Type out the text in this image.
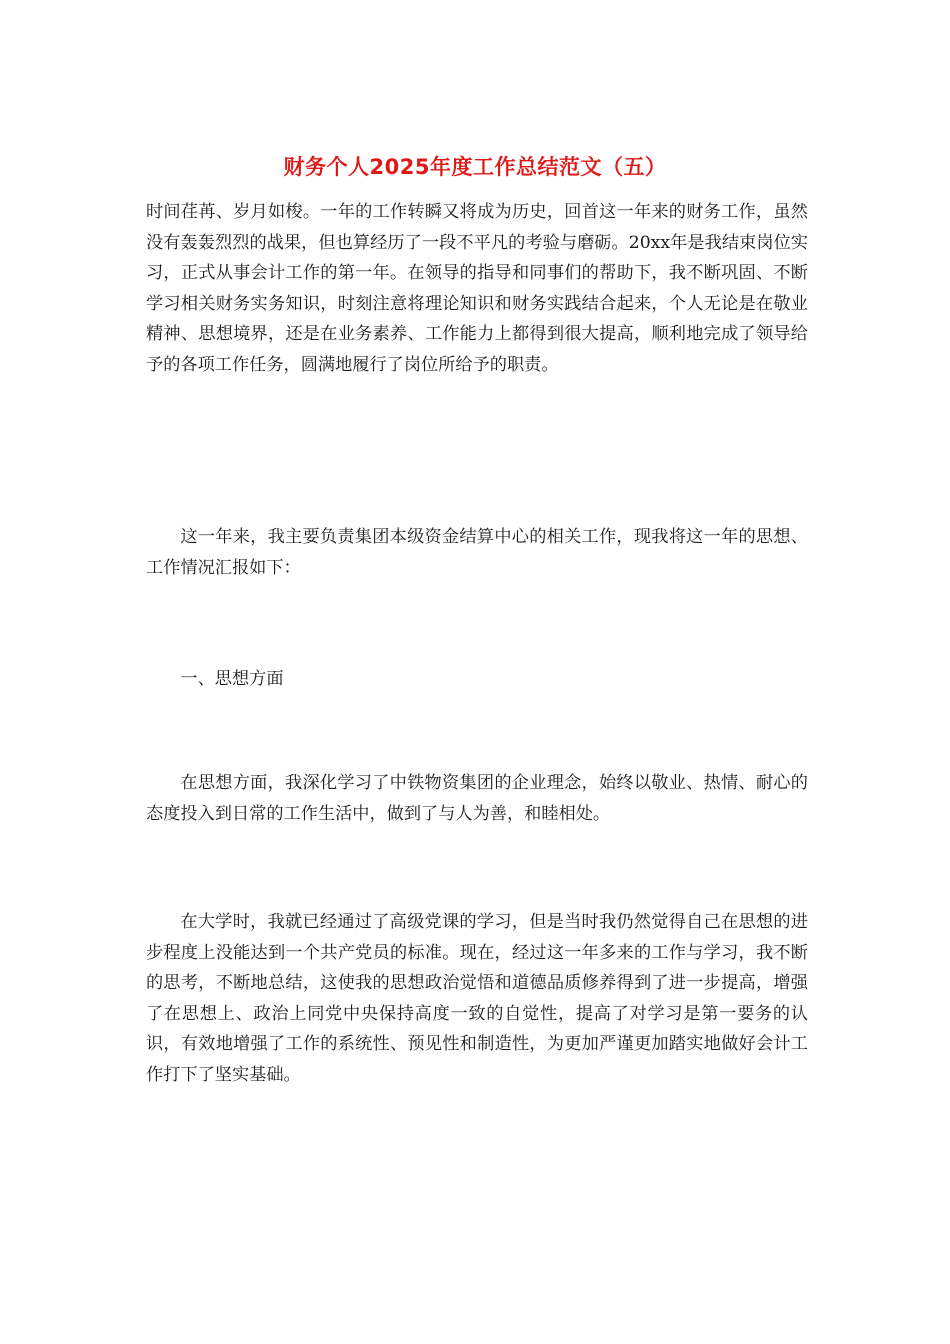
财务个人2025年度工作总结范文（五）

时间荏苒、岁月如梭。一年的工作转瞬又将成为历史，回首这一年来的财务工作，虽然没有轰轰烈烈的战果，但也算经历了一段不平凡的考验与磨砺。20xx年是我结束岗位实习，正式从事会计工作的第一年。在领导的指导和同事们的帮助下，我不断巩固、不断学习相关财务实务知识，时刻注意将理论知识和财务实践结合起来，个人无论是在敬业精神、思想境界，还是在业务素养、工作能力上都得到很大提高，顺利地完成了领导给予的各项工作任务，圆满地履行了岗位所给予的职责。

这一年来，我主要负责集团本级资金结算中心的相关工作，现我将这一年的思想、工作情况汇报如下：

一、思想方面

在思想方面，我深化学习了中铁物资集团的企业理念，始终以敬业、热情、耐心的态度投入到日常的工作生活中，做到了与人为善，和睦相处。

在大学时，我就已经通过了高级党课的学习，但是当时我仍然觉得自己在思想的进步程度上没能达到一个共产党员的标准。现在，经过这一年多来的工作与学习，我不断的思考，不断地总结，这使我的思想政治觉悟和道德品质修养得到了进一步提高，增强了在思想上、政治上同党中央保持高度一致的自觉性，提高了对学习是第一要务的认识，有效地增强了工作的系统性、预见性和制造性，为更加严谨更加踏实地做好会计工作打下了坚实基础。
